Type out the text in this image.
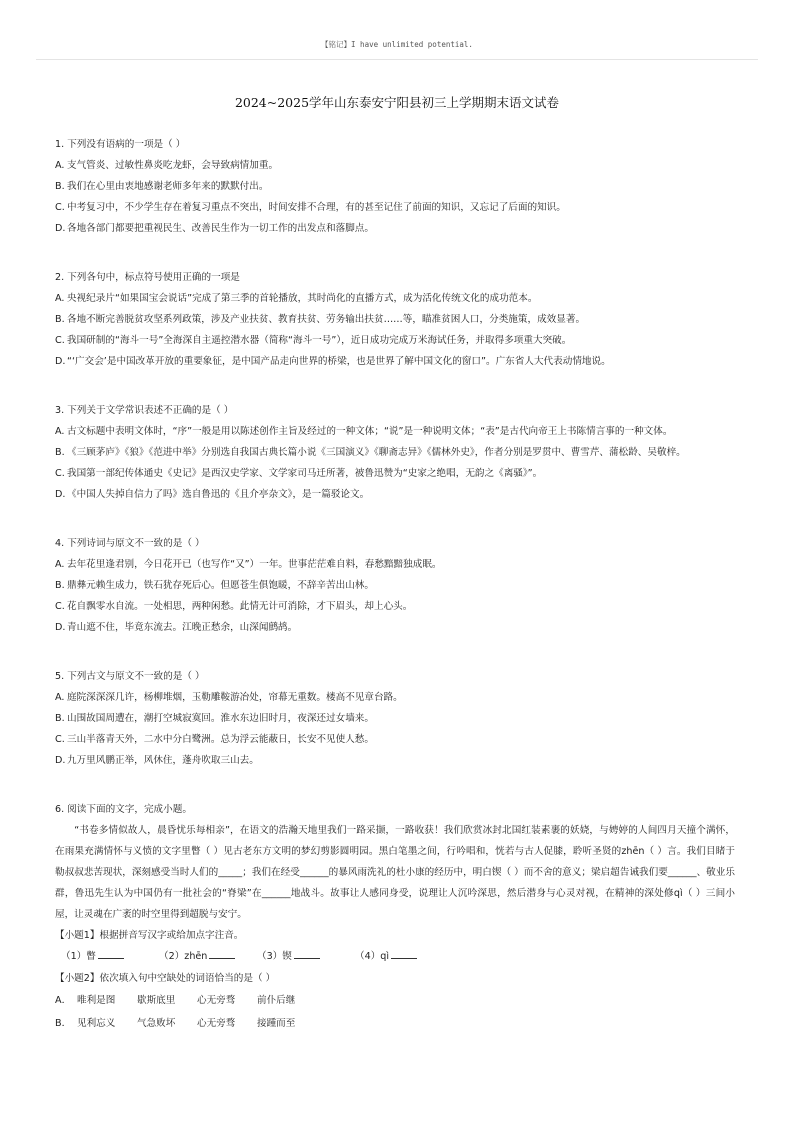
【铭记】I have unlimited potential.
2024~2025学年山东泰安宁阳县初三上学期期末语文试卷
1. 下列没有语病的一项是（ ）
A. 支气管炎、过敏性鼻炎吃龙虾，会导致病情加重。
B. 我们在心里由衷地感谢老师多年来的默默付出。
C. 中考复习中，不少学生存在着复习重点不突出，时间安排不合理，有的甚至记住了前面的知识，又忘记了后面的知识。
D. 各地各部门都要把重视民生、改善民生作为一切工作的出发点和落脚点。
2. 下列各句中，标点符号使用正确的一项是
A. 央视纪录片“如果国宝会说话”完成了第三季的首轮播放，其时尚化的直播方式，成为活化传统文化的成功范本。
B. 各地不断完善脱贫攻坚系列政策，涉及产业扶贫、教育扶贫、劳务输出扶贫……等，瞄准贫困人口，分类施策，成效显著。
C. 我国研制的“海斗一号”全海深自主遥控潜水器（简称“海斗一号”），近日成功完成万米海试任务，并取得多项重大突破。
D. “‘广交会’是中国改革开放的重要象征，是中国产品走向世界的桥梁，也是世界了解中国文化的窗口”。广东省人大代表动情地说。
3. 下列关于文学常识表述不正确的是（ ）
A. 古文标题中表明文体时，“序”一般是用以陈述创作主旨及经过的一种文体；“说”是一种说明文体；“表”是古代向帝王上书陈情言事的一种文体。
B. 《三顾茅庐》《狼》《范进中举》分别选自我国古典长篇小说《三国演义》《聊斋志异》《儒林外史》，作者分别是罗贯中、曹雪芹、蒲松龄、吴敬梓。
C. 我国第一部纪传体通史《史记》是西汉史学家、文学家司马迁所著，被鲁迅赞为“史家之绝唱，无韵之《离骚》”。
D. 《中国人失掉自信力了吗》选自鲁迅的《且介亭杂文》，是一篇驳论文。
4. 下列诗词与原文不一致的是（ ）
A. 去年花里逢君别，今日花开已（也写作“又”）一年。世事茫茫难自料，春愁黯黯独成眠。
B. 鼎彝元赖生成力，铁石犹存死后心。但愿苍生俱饱暖，不辞辛苦出山林。
C. 花自飘零水自流。一处相思，两种闲愁。此情无计可消除，才下眉头，却上心头。
D. 青山遮不住，毕竟东流去。江晚正愁余，山深闻鹧鸪。
5. 下列古文与原文不一致的是（ ）
A. 庭院深深深几许，杨柳堆烟，玉勒雕鞍游冶处，帘幕无重数。楼高不见章台路。
B. 山围故国周遭在，潮打空城寂寞回。淮水东边旧时月，夜深还过女墙来。
C. 三山半落青天外，二水中分白鹭洲。总为浮云能蔽日，长安不见使人愁。
D. 九万里风鹏正举，风休住，蓬舟吹取三山去。
6. 阅读下面的文字，完成小题。
“书卷多情似故人，晨昏忧乐每相亲”，在语文的浩瀚天地里我们一路采撷，一路收获！我们欣赏冰封北国红装素裹的妖娆，与娉婷的人间四月天撞个满怀，在雨果充满情怀与义愤的文字里瞥（ ）见古老东方文明的梦幻剪影圆明园。黑白笔墨之间，行吟唱和，恍若与古人促膝，聆听圣贤的zhēn（ ）言。我们目睹于勒叔叔悲苦现状，深刻感受当时人们的_____；我们在经受______的暴风雨洗礼的杜小康的经历中，明白锲（ ）而不舍的意义；梁启超告诫我们要______、敬业乐群，鲁迅先生认为中国仍有一批社会的“脊梁”在______地战斗。故事让人感同身受，说理让人沉吟深思，然后潜身与心灵对视，在精神的深处修qì（ ）三间小屋，让灵魂在广袤的时空里得到超脱与安宁。
【小题1】根据拼音写汉字或给加点字注音。
（1）瞥	（2）zhēn	（3）锲	（4）qì
【小题2】依次填入句中空缺处的词语恰当的是（ ）
A． 唯利是图	歇斯底里	心无旁骛	前仆后继
B． 见利忘义	气急败坏	心无旁骛	接踵而至
